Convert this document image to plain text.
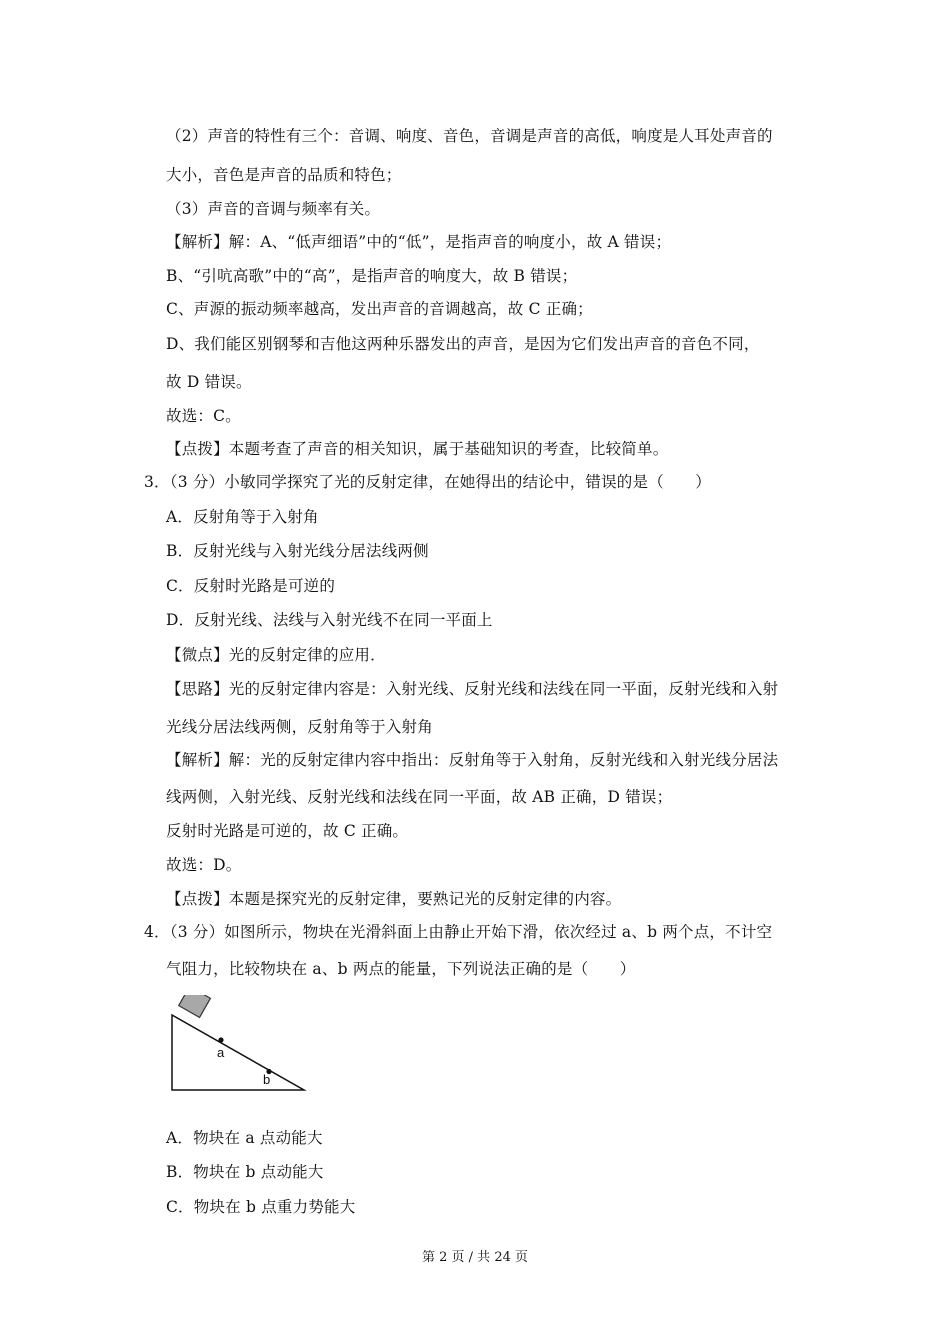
（2）声音的特性有三个：音调、响度、音色，音调是声音的高低，响度是人耳处声音的
大小，音色是声音的品质和特色；
（3）声音的音调与频率有关。
【解析】解：A、“低声细语”中的“低”，是指声音的响度小，故 A 错误；
B、“引吭高歌”中的“高”，是指声音的响度大，故 B 错误；
C、声源的振动频率越高，发出声音的音调越高，故 C 正确；
D、我们能区别钢琴和吉他这两种乐器发出的声音，是因为它们发出声音的音色不同，
故 D 错误。
故选：C。
【点拨】本题考查了声音的相关知识，属于基础知识的考查，比较简单。
3．（3 分）小敏同学探究了光的反射定律，在她得出的结论中，错误的是（　　）
A．反射角等于入射角
B．反射光线与入射光线分居法线两侧
C．反射时光路是可逆的
D．反射光线、法线与入射光线不在同一平面上
【微点】光的反射定律的应用．
【思路】光的反射定律内容是：入射光线、反射光线和法线在同一平面，反射光线和入射
光线分居法线两侧，反射角等于入射角
【解析】解：光的反射定律内容中指出：反射角等于入射角，反射光线和入射光线分居法
线两侧，入射光线、反射光线和法线在同一平面，故 AB 正确，D 错误；
反射时光路是可逆的，故 C 正确。
故选：D。
【点拨】本题是探究光的反射定律，要熟记光的反射定律的内容。
4．（3 分）如图所示，物块在光滑斜面上由静止开始下滑，依次经过 a、b 两个点，不计空
气阻力，比较物块在 a、b 两点的能量，下列说法正确的是（　　）
a
b
A．物块在 a 点动能大
B．物块在 b 点动能大
C．物块在 b 点重力势能大
第 2 页 / 共 24 页
